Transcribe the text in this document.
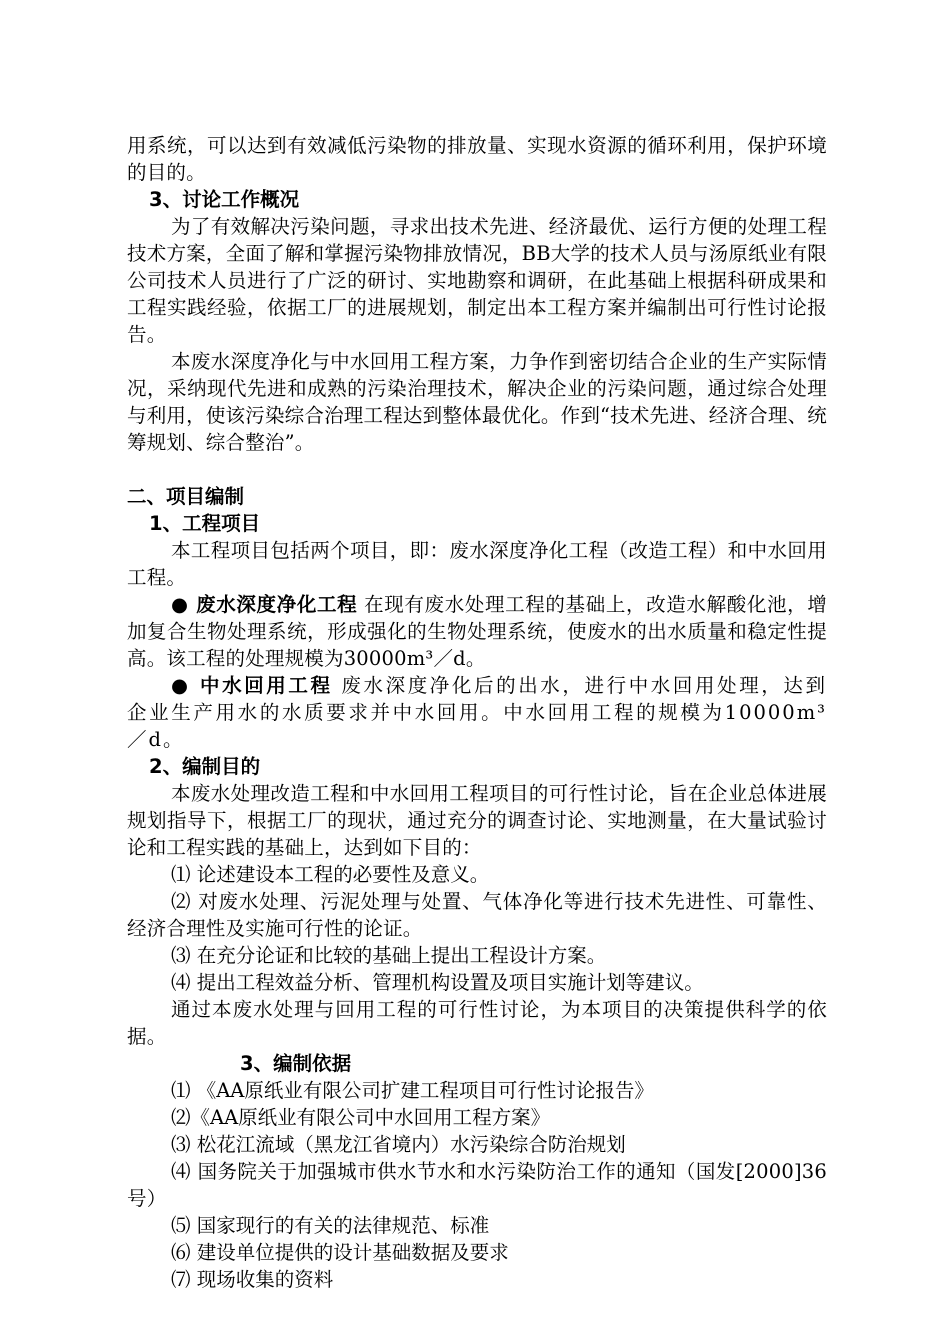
用系统，可以达到有效减低污染物的排放量、实现水资源的循环利用，保护环境的目的。

3、讨论工作概况

为了有效解决污染问题，寻求出技术先进、经济最优、运行方便的处理工程技术方案，全面了解和掌握污染物排放情况，BB大学的技术人员与汤原纸业有限公司技术人员进行了广泛的研讨、实地勘察和调研，在此基础上根据科研成果和工程实践经验，依据工厂的进展规划，制定出本工程方案并编制出可行性讨论报告。

本废水深度净化与中水回用工程方案，力争作到密切结合企业的生产实际情况，采纳现代先进和成熟的污染治理技术，解决企业的污染问题，通过综合处理与利用，使该污染综合治理工程达到整体最优化。作到“技术先进、经济合理、统筹规划、综合整治”。

二、项目编制

1、工程项目

本工程项目包括两个项目，即：废水深度净化工程（改造工程）和中水回用工程。

● 废水深度净化工程 在现有废水处理工程的基础上，改造水解酸化池，增加复合生物处理系统，形成强化的生物处理系统，使废水的出水质量和稳定性提高。该工程的处理规模为30000m³／d。

● 中水回用工程 废水深度净化后的出水，进行中水回用处理，达到企业生产用水的水质要求并中水回用。中水回用工程的规模为10000m³／d。

2、编制目的

本废水处理改造工程和中水回用工程项目的可行性讨论，旨在企业总体进展规划指导下，根据工厂的现状，通过充分的调查讨论、实地测量，在大量试验讨论和工程实践的基础上，达到如下目的：

⑴ 论述建设本工程的必要性及意义。

⑵ 对废水处理、污泥处理与处置、气体净化等进行技术先进性、可靠性、经济合理性及实施可行性的论证。

⑶ 在充分论证和比较的基础上提出工程设计方案。

⑷ 提出工程效益分析、管理机构设置及项目实施计划等建议。

通过本废水处理与回用工程的可行性讨论，为本项目的决策提供科学的依据。

3、编制依据

⑴ 《AA原纸业有限公司扩建工程项目可行性讨论报告》

⑵《AA原纸业有限公司中水回用工程方案》

⑶ 松花江流域（黑龙江省境内）水污染综合防治规划

⑷ 国务院关于加强城市供水节水和水污染防治工作的通知（国发[2000]36号）

⑸ 国家现行的有关的法律规范、标准

⑹ 建设单位提供的设计基础数据及要求

⑺ 现场收集的资料
